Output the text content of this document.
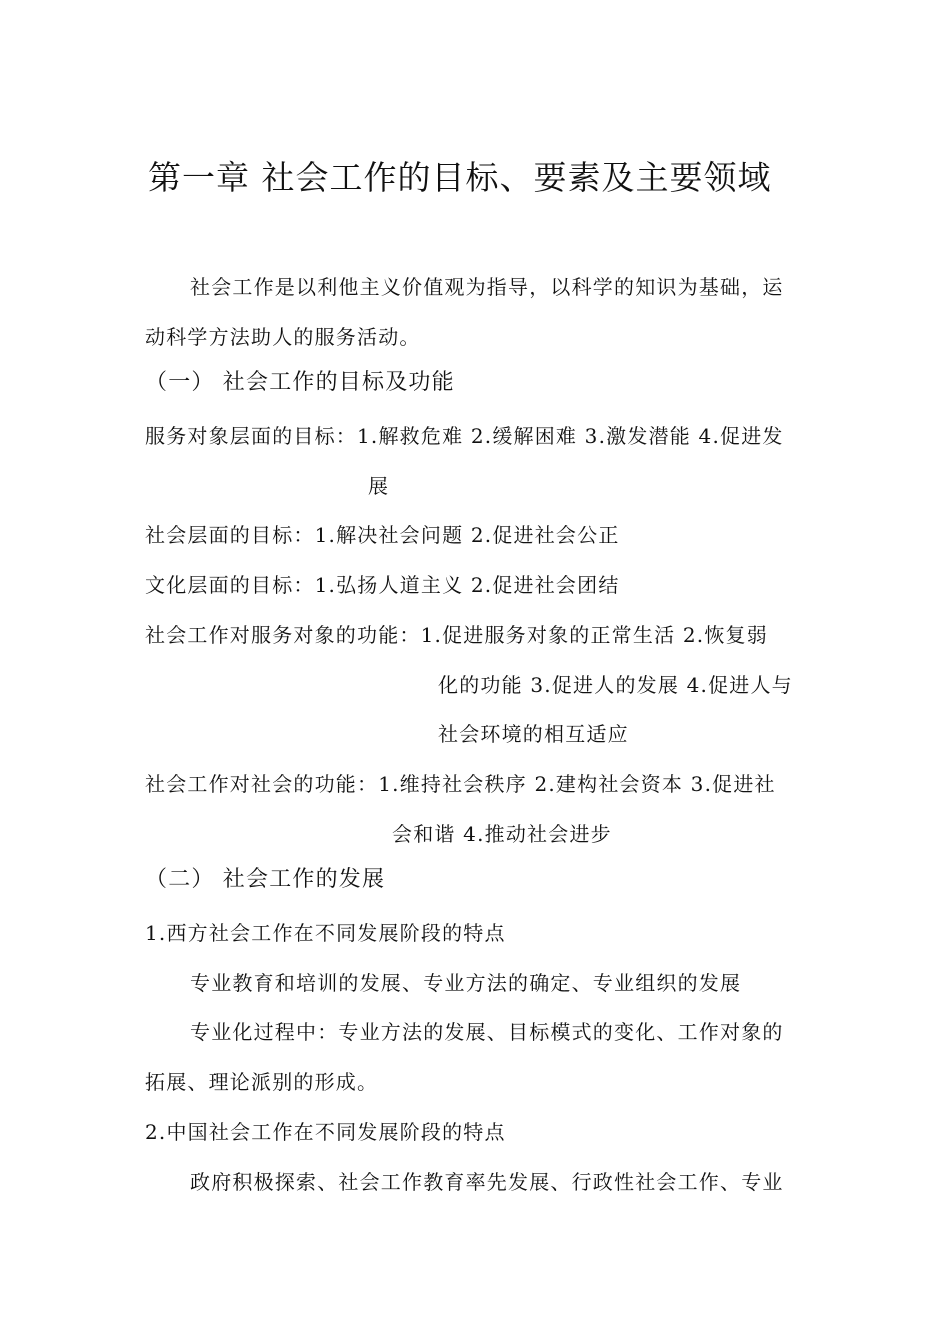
第一章 社会工作的目标、要素及主要领域
社会工作是以利他主义价值观为指导，以科学的知识为基础，运
动科学方法助人的服务活动。
（一） 社会工作的目标及功能
服务对象层面的目标：1.解救危难 2.缓解困难 3.激发潜能 4.促进发
展
社会层面的目标：1.解决社会问题 2.促进社会公正
文化层面的目标：1.弘扬人道主义 2.促进社会团结
社会工作对服务对象的功能：1.促进服务对象的正常生活 2.恢复弱
化的功能 3.促进人的发展 4.促进人与
社会环境的相互适应
社会工作对社会的功能：1.维持社会秩序 2.建构社会资本 3.促进社
会和谐 4.推动社会进步
（二） 社会工作的发展
1.西方社会工作在不同发展阶段的特点
专业教育和培训的发展、专业方法的确定、专业组织的发展
专业化过程中：专业方法的发展、目标模式的变化、工作对象的
拓展、理论派别的形成。
2.中国社会工作在不同发展阶段的特点
政府积极探索、社会工作教育率先发展、行政性社会工作、专业
